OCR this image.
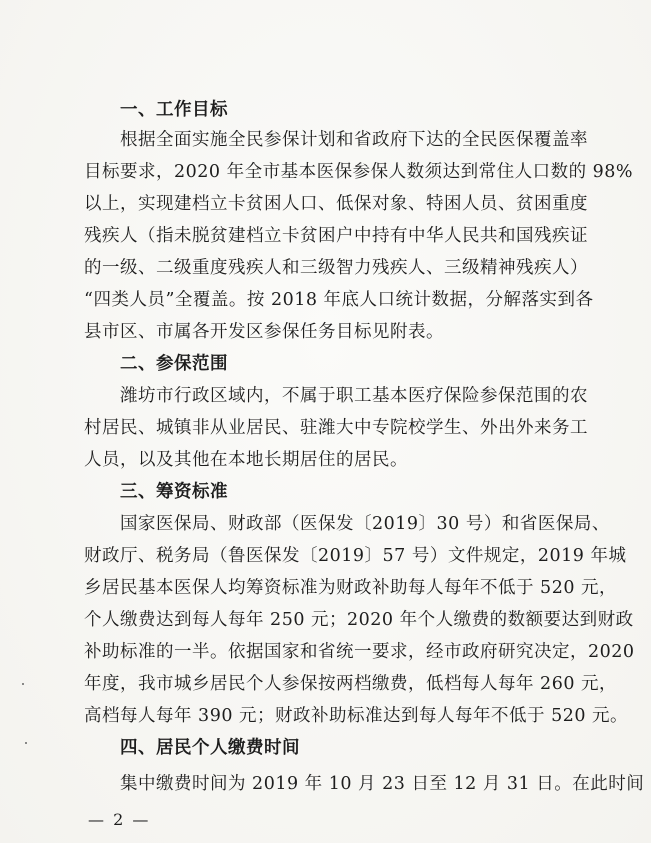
一、工作目标
根据全面实施全民参保计划和省政府下达的全民医保覆盖率
目标要求，2020 年全市基本医保参保人数须达到常住人口数的 98%
以上，实现建档立卡贫困人口、低保对象、特困人员、贫困重度
残疾人（指未脱贫建档立卡贫困户中持有中华人民共和国残疾证
的一级、二级重度残疾人和三级智力残疾人、三级精神残疾人）
“四类人员”全覆盖。按 2018 年底人口统计数据，分解落实到各
县市区、市属各开发区参保任务目标见附表。
二、参保范围
潍坊市行政区域内，不属于职工基本医疗保险参保范围的农
村居民、城镇非从业居民、驻潍大中专院校学生、外出外来务工
人员，以及其他在本地长期居住的居民。
三、筹资标准
国家医保局、财政部（医保发〔2019〕30 号）和省医保局、
财政厅、税务局（鲁医保发〔2019〕57 号）文件规定，2019 年城
乡居民基本医保人均筹资标准为财政补助每人每年不低于 520 元，
个人缴费达到每人每年 250 元；2020 年个人缴费的数额要达到财政
补助标准的一半。依据国家和省统一要求，经市政府研究决定，2020
年度，我市城乡居民个人参保按两档缴费，低档每人每年 260 元，
高档每人每年 390 元；财政补助标准达到每人每年不低于 520 元。
四、居民个人缴费时间
— 2 —
集中缴费时间为 2019 年 10 月 23 日至 12 月 31 日。在此时间
